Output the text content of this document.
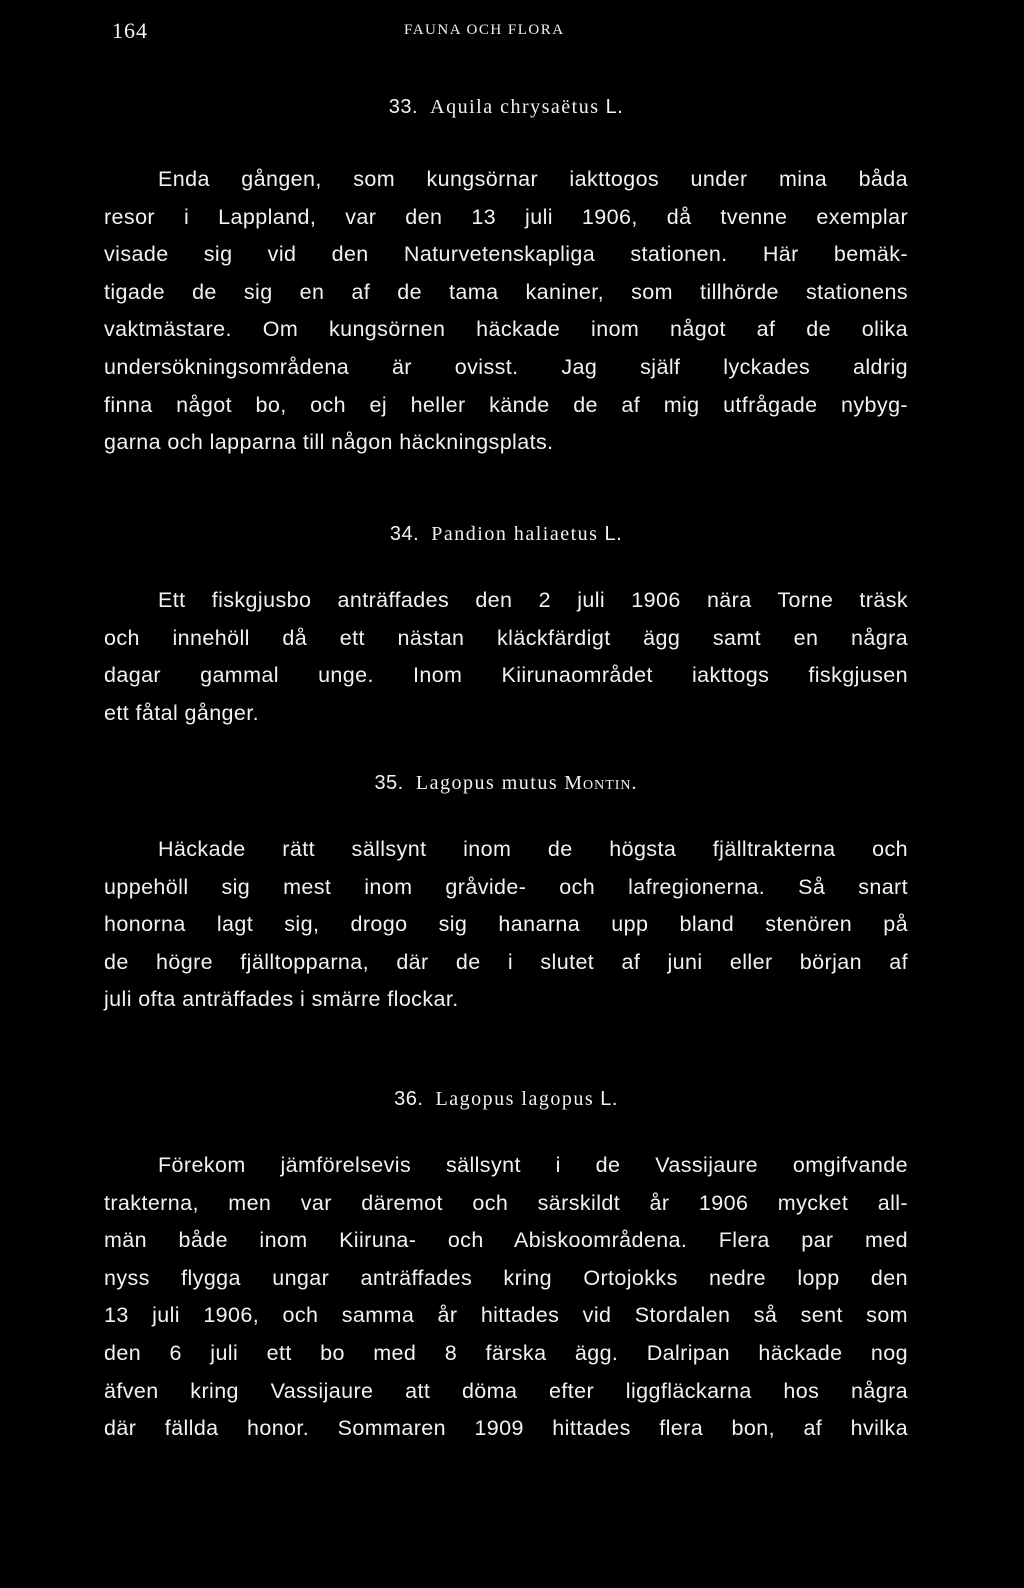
164	FAUNA OCH FLORA
33. Aquila chrysaëtus L.
Enda gången, som kungsörnar iakttogos under mina båda
resor i Lappland, var den 13 juli 1906, då tvenne exemplar
visade sig vid den Naturvetenskapliga stationen. Här bemäk-
tigade de sig en af de tama kaniner, som tillhörde stationens
vaktmästare. Om kungsörnen häckade inom något af de olika
undersökningsområdena är ovisst. Jag själf lyckades aldrig
finna något bo, och ej heller kände de af mig utfrågade nybyg-
garna och lapparna till någon häckningsplats.
34. Pandion haliaetus L.
Ett fiskgjusbo anträffades den 2 juli 1906 nära Torne träsk
och innehöll då ett nästan kläckfärdigt ägg samt en några
dagar gammal unge. Inom Kiirunaområdet iakttogs fiskgjusen
ett fåtal gånger.
35. Lagopus mutus Montin.
Häckade rätt sällsynt inom de högsta fjälltrakterna och
uppehöll sig mest inom gråvide- och lafregionerna. Så snart
honorna lagt sig, drogo sig hanarna upp bland stenören på
de högre fjälltopparna, där de i slutet af juni eller början af
juli ofta anträffades i smärre flockar.
36. Lagopus lagopus L.
Förekom jämförelsevis sällsynt i de Vassijaure omgifvande
trakterna, men var däremot och särskildt år 1906 mycket all-
män både inom Kiiruna- och Abiskoområdena. Flera par med
nyss flygga ungar anträffades kring Ortojokks nedre lopp den
13 juli 1906, och samma år hittades vid Stordalen så sent som
den 6 juli ett bo med 8 färska ägg. Dalripan häckade nog
äfven kring Vassijaure att döma efter liggfläckarna hos några
där fällda honor. Sommaren 1909 hittades flera bon, af hvilka
